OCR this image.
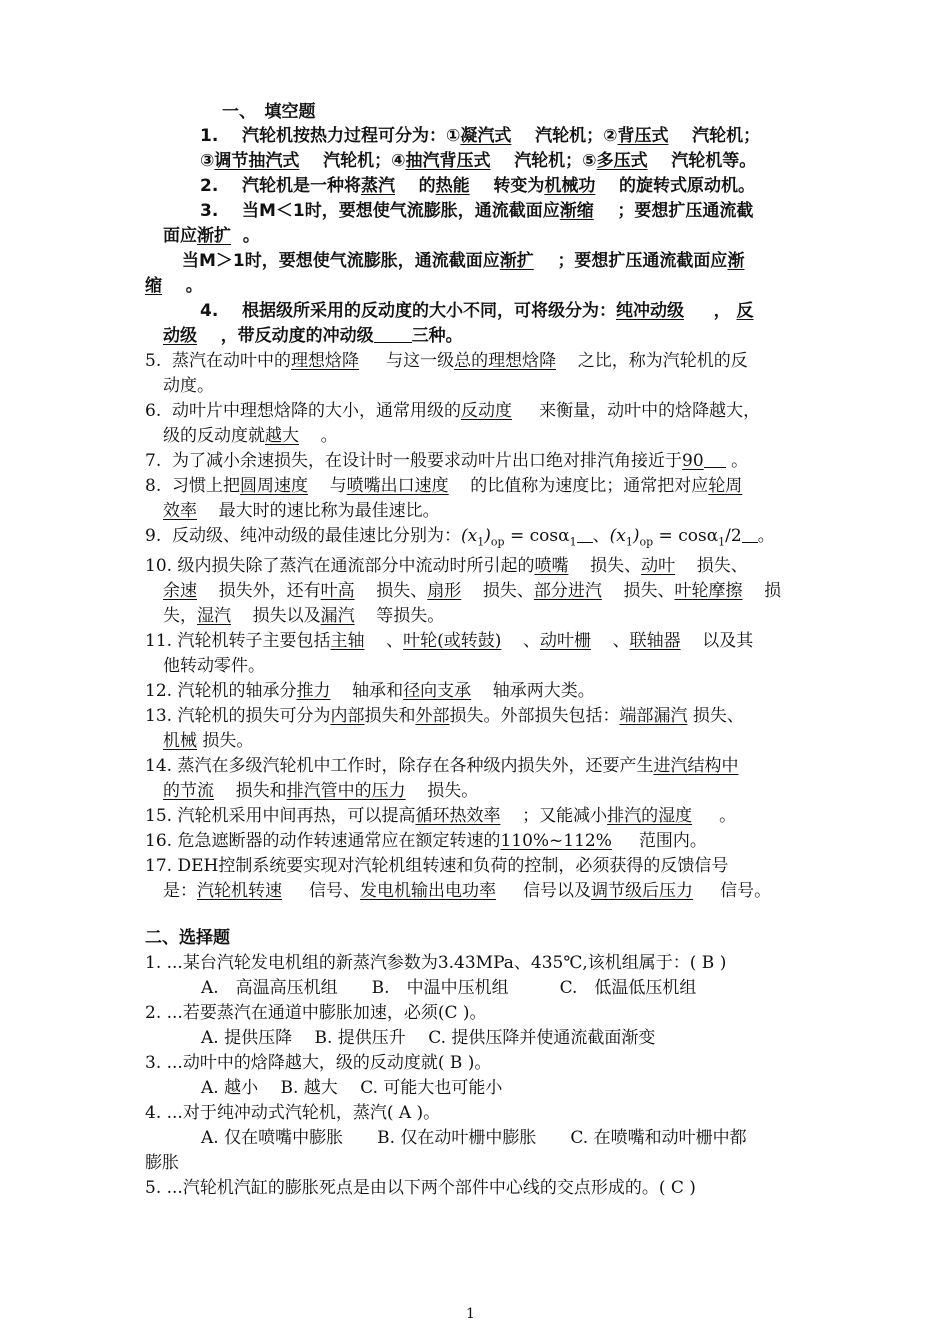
一、　填空题
1. 汽轮机按热力过程可分为：①凝汽式 汽轮机；②背压式 汽轮机；
③调节抽汽式 汽轮机；④抽汽背压式 汽轮机；⑤多压式 汽轮机等。
2. 汽轮机是一种将蒸汽 的热能 转变为机械功 的旋转式原动机。
3. 当M＜1时，要想使气流膨胀，通流截面应渐缩 ；要想扩压通流截
面应渐扩 。
当M＞1时，要想使气流膨胀，通流截面应渐扩 ；要想扩压通流截面应渐
缩 。
4. 根据级所采用的反动度的大小不同，可将级分为：纯冲动级 ， 反
动级 ，带反动度的冲动级 三种。
5. 蒸汽在动叶中的理想焓降 与这一级总的理想焓降 之比，称为汽轮机的反
动度。
6. 动叶片中理想焓降的大小，通常用级的反动度 来衡量，动叶中的焓降越大，
级的反动度就越大 。
7. 为了减小余速损失，在设计时一般要求动叶片出口绝对排汽角接近于90 。
8. 习惯上把圆周速度 与喷嘴出口速度 的比值称为速度比；通常把对应轮周
效率 最大时的速比称为最佳速比。
9. 反动级、纯冲动级的最佳速比分别为：$(x_1)_{op} = \cos\alpha_1$ 、$(x_1)_{op} = \cos\alpha_1/2$ 。
10. 级内损失除了蒸汽在通流部分中流动时所引起的喷嘴 损失、动叶 损失、
余速 损失外，还有叶高 损失、扇形 损失、部分进汽 损失、叶轮摩擦 损
失，湿汽 损失以及漏汽 等损失。
11. 汽轮机转子主要包括主轴 、叶轮(或转鼓) 、动叶栅 、联轴器 以及其
他转动零件。
12. 汽轮机的轴承分推力 轴承和径向支承 轴承两大类。
13. 汽轮机的损失可分为内部损失和外部损失。外部损失包括：端部漏汽 损失、
机械 损失。
14. 蒸汽在多级汽轮机中工作时，除存在各种级内损失外，还要产生进汽结构中
的节流 损失和排汽管中的压力 损失。
15. 汽轮机采用中间再热，可以提高循环热效率 ；又能减小排汽的湿度 。
16. 危急遮断器的动作转速通常应在额定转速的110%~112% 范围内。
17. DEH控制系统要实现对汽轮机组转速和负荷的控制，必须获得的反馈信号
是：汽轮机转速 信号、发电机输出电功率 信号以及调节级后压力 信号。
二、选择题
1. ...某台汽轮发电机组的新蒸汽参数为3.43MPa、435℃,该机组属于：( B )
A.　高温高压机组　　B.　中温中压机组　　　C.　低温低压机组
2. ...若要蒸汽在通道中膨胀加速，必须(C )。
A. 提供压降　 B. 提供压升　 C. 提供压降并使通流截面渐变
3. ...动叶中的焓降越大，级的反动度就( B )。
A. 越小　 B. 越大　 C. 可能大也可能小
4. ...对于纯冲动式汽轮机，蒸汽( A )。
A. 仅在喷嘴中膨胀　　B. 仅在动叶栅中膨胀　　C. 在喷嘴和动叶栅中都
膨胀
5. ...汽轮机汽缸的膨胀死点是由以下两个部件中心线的交点形成的。( C )
1
